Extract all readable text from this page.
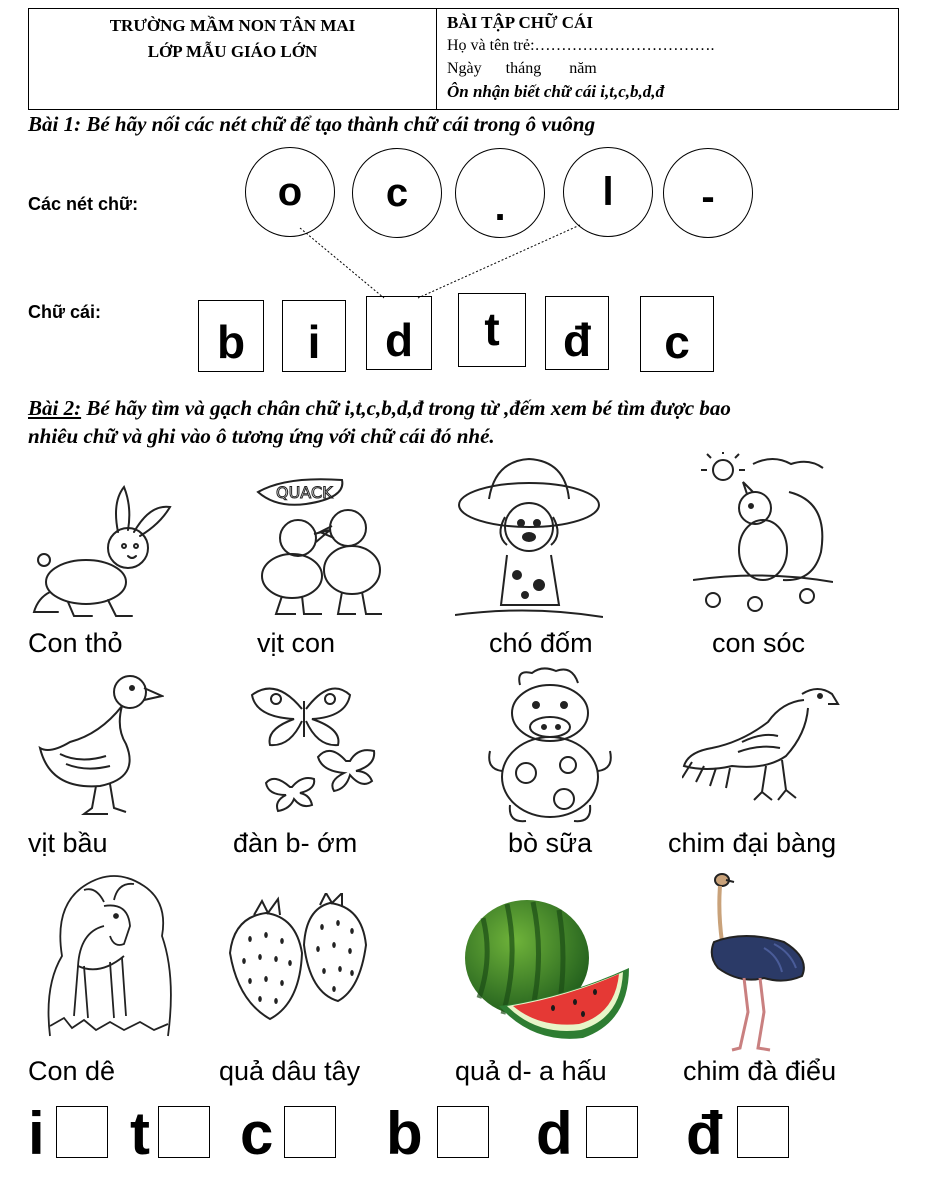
TRƯỜNG MẦM NON TÂN MAI
LỚP MẪU GIÁO LỚN
BÀI TẬP CHỮ CÁI
Họ và tên trẻ:…………………………….
Ngày      tháng       năm
Ôn nhận biết chữ cái i,t,c,b,d,đ
Bài 1: Bé hãy nối các nét chữ để tạo thành chữ cái trong ô vuông
Các nét chữ:
Chữ cái:
o c . l -
b i d t đ c
Bài 2: Bé hãy tìm và gạch chân chữ i,t,c,b,d,đ trong từ ,đếm xem bé tìm được bao
nhiêu chữ và ghi vào ô tương ứng với chữ cái đó nhé.
QUACK
Con thỏ	vịt con	chó đốm	con sóc
vịt bầu	đàn b- ớm	bò sữa	chim đại bàng
Con dê	quả dâu tây	quả d- a hấu	chim đà điểu
i t c b d đ
